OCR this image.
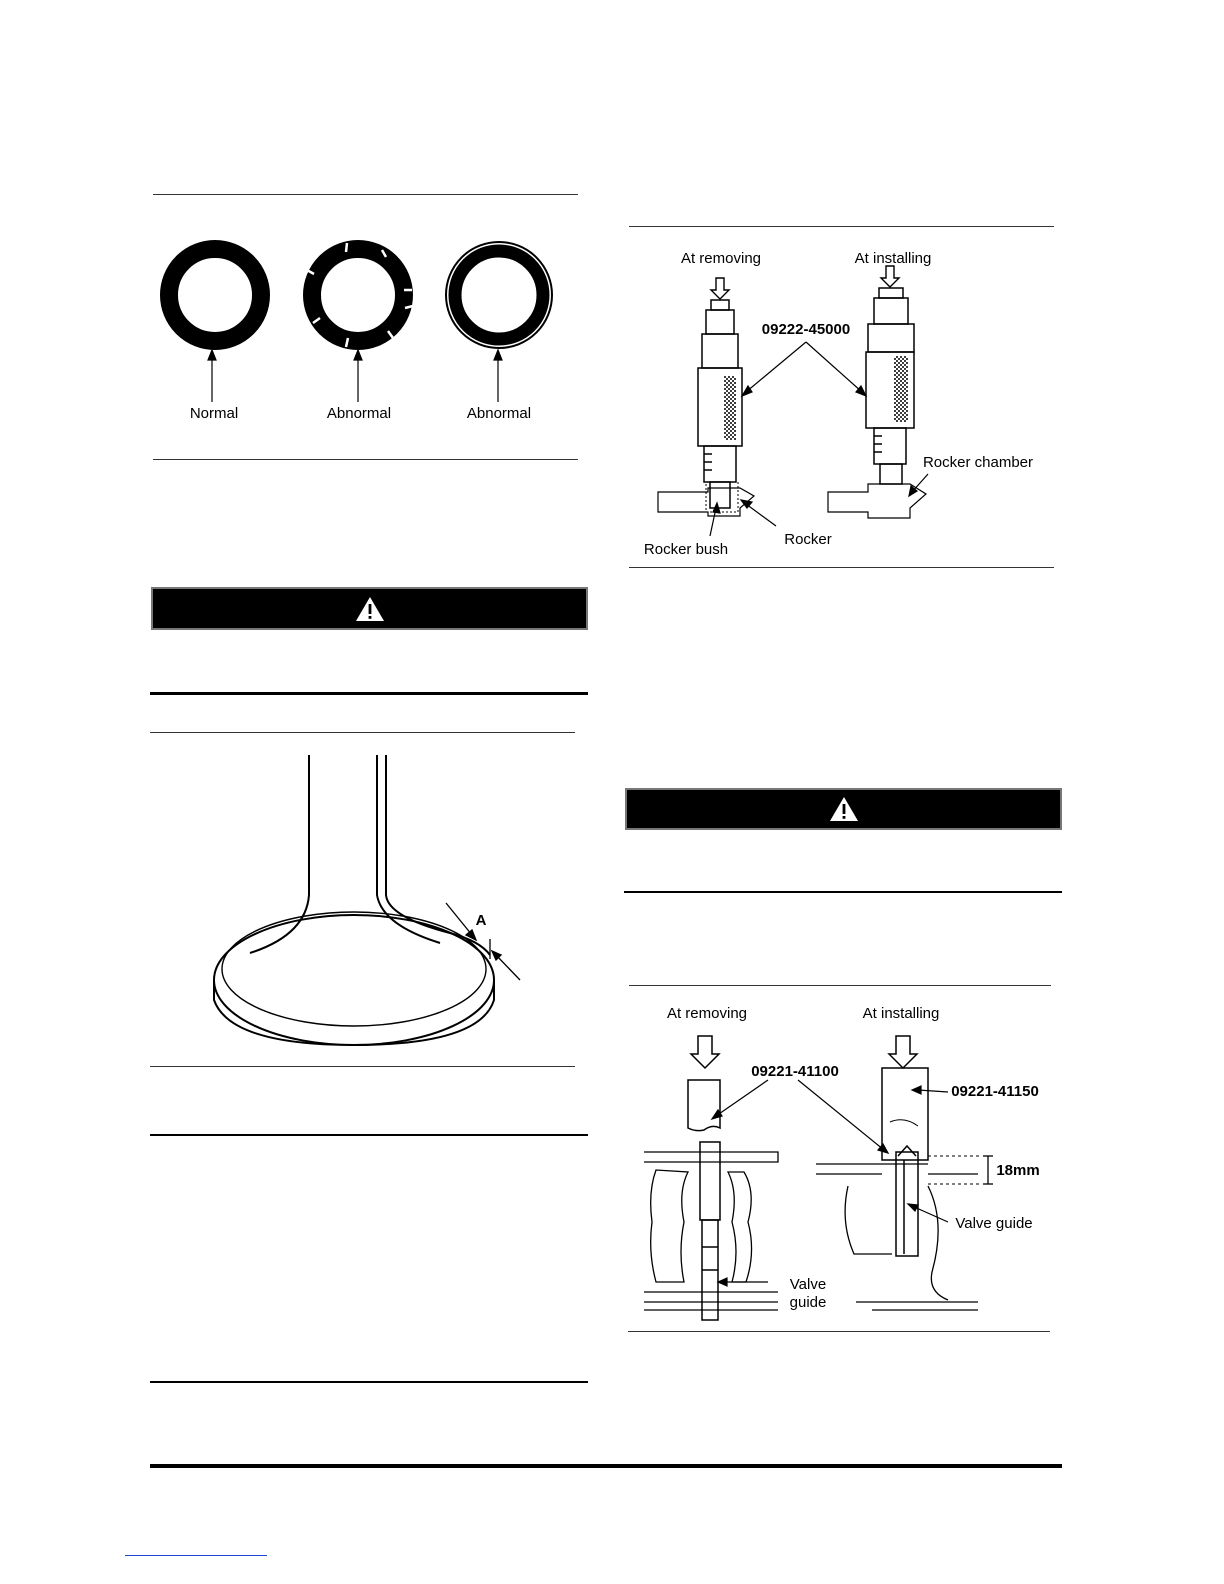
Normal	Abnormal	Abnormal
A
At removing	At installing
09222-45000
Rocker chamber
Rocker bush
Rocker
At removing	At installing
09221-41100
09221-41150
18mm
Valve guide
Valve
guide
